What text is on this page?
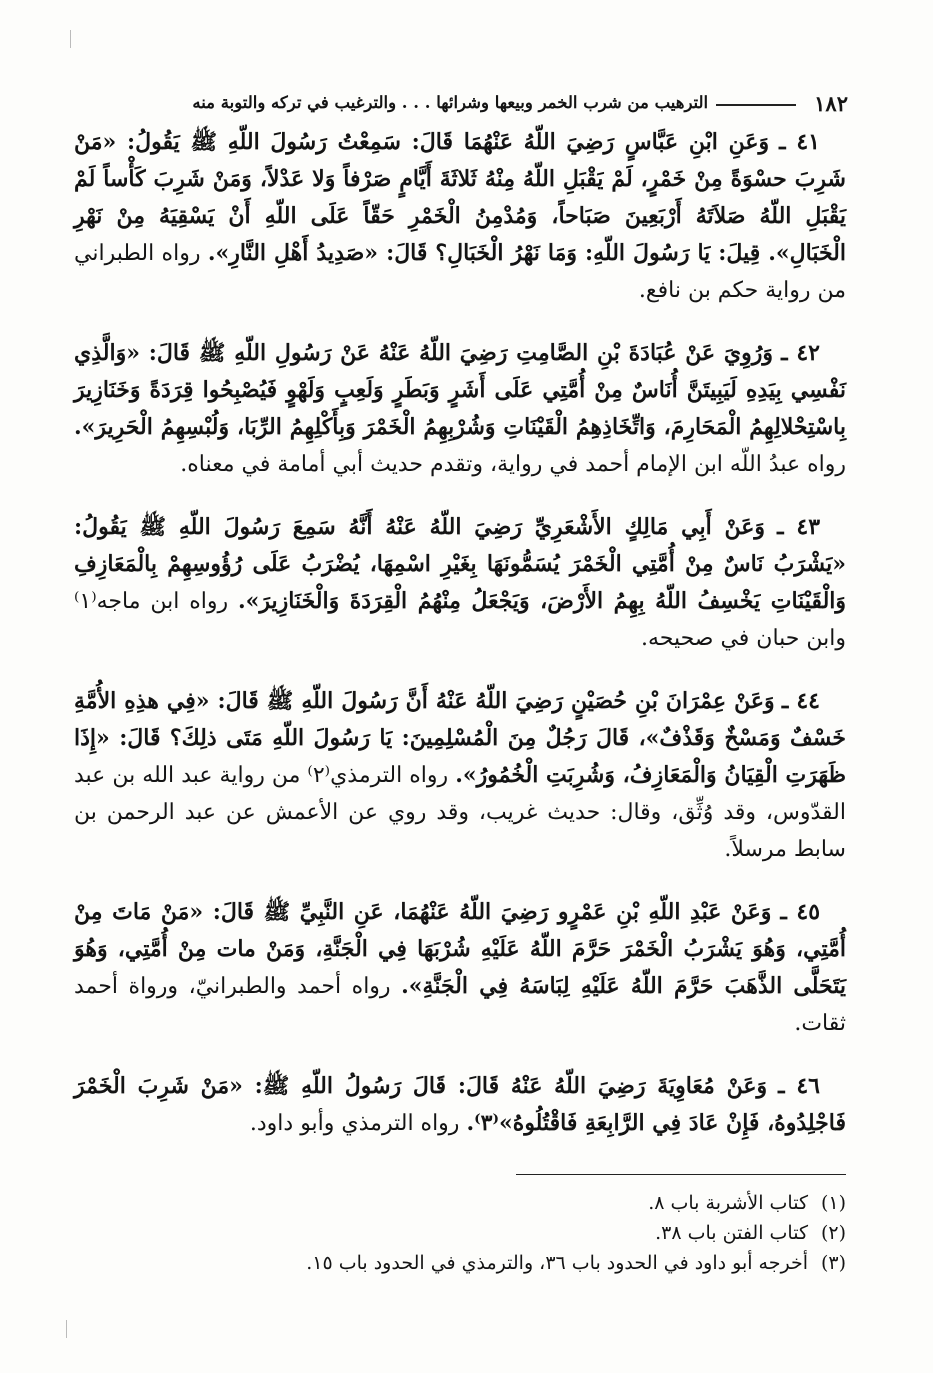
١٨٢
الترهيب من شرب الخمر وبيعها وشرائها . . . والترغيب في تركه والتوبة منه

٤١ ـ وَعَنِ ابْنِ عَبَّاسٍ رَضِيَ اللّهُ عَنْهُمَا قَالَ: سَمِعْتُ رَسُولَ اللّهِ ﷺ يَقُولُ: «مَنْ شَرِبَ حسْوَةً مِنْ خَمْرٍ، لَمْ يَقْبَلِ اللّهُ مِنْهُ ثَلاثَةَ أَيَّامٍ صَرْفاً وَلا عَدْلاً، وَمَنْ شَرِبَ كَأْساً لَمْ يَقْبَلِ اللّهُ صَلاَتَهُ أَرْبَعِينَ صَبَاحاً، وَمُدْمِنُ الْخَمْرِ حَقّاً عَلَى اللّهِ أَنْ يَسْقِيَهُ مِنْ نَهْرِ الْخَبَالِ». قِيلَ: يَا رَسُولَ اللّهِ: وَمَا نَهْرُ الْخَبَالِ؟ قَالَ: «صَدِيدُ أَهْلِ النَّارِ». رواه الطبراني من رواية حكم بن نافع.

٤٢ ـ وَرُوِيَ عَنْ عُبَادَةَ بْنِ الصَّامِتِ رَضِيَ اللّهُ عَنْهُ عَنْ رَسُولِ اللّهِ ﷺ قَالَ: «وَالَّذِي نَفْسِي بِيَدِهِ لَيَبِيتَنَّ أُنَاسٌ مِنْ أُمَّتِي عَلَى أَشَرٍ وَبَطَرٍ وَلَعِبٍ وَلَهْوٍ فَيُصْبِحُوا قِرَدَةً وَخَنَازِيرَ بِاسْتِحْلالِهِمُ الْمَحَارِمَ، وَاتِّخَاذِهِمُ الْقَيْنَاتِ وَشُرْبِهِمُ الْخَمْرَ وَبِأَكْلِهِمُ الرِّبَا، وَلُبْسِهِمُ الْحَرِيرَ». رواه عبدُ اللّه ابن الإمام أحمد في رواية، وتقدم حديث أبي أمامة في معناه.

٤٣ ـ وَعَنْ أَبِي مَالِكٍ الأَشْعَرِيِّ رَضِيَ اللّهُ عَنْهُ أَنَّهُ سَمِعَ رَسُولَ اللّهِ ﷺ يَقُولُ: «يَشْرَبُ نَاسٌ مِنْ أُمَّتِي الْخَمْرَ يُسَمُّونَهَا بِغَيْرِ اسْمِهَا، يُضْرَبُ عَلَى رُؤُوسِهِمْ بِالْمَعَازِفِ وَالْقَيْنَاتِ يَخْسِفُ اللّهُ بِهِمُ الأَرْضَ، وَيَجْعَلُ مِنْهُمُ الْقِرَدَةَ وَالْخَنَازِيرَ». رواه ابن ماجه⁽١⁾ وابن حبان في صحيحه.

٤٤ ـ وَعَنْ عِمْرَانَ بْنِ حُصَيْنٍ رَضِيَ اللّهُ عَنْهُ أَنَّ رَسُولَ اللّهِ ﷺ قَالَ: «فِي هذِهِ الأُمَّةِ خَسْفٌ وَمَسْخٌ وَقَذْفٌ»، قَالَ رَجُلٌ مِنَ الْمُسْلِمِينَ: يَا رَسُولَ اللّهِ مَتَى ذلِكَ؟ قَالَ: «إِذَا ظَهَرَتِ الْقِيَانُ وَالْمَعَازِفُ، وَشُرِبَتِ الْخُمُورُ». رواه الترمذي⁽٢⁾ من رواية عبد الله بن عبد القدّوس، وقد وُثِّق، وقال: حديث غريب، وقد روي عن الأعمش عن عبد الرحمن بن سابط مرسلاً.

٤٥ ـ وَعَنْ عَبْدِ اللّهِ بْنِ عَمْرٍو رَضِيَ اللّهُ عَنْهُمَا، عَنِ النَّبِيِّ ﷺ قَالَ: «مَنْ مَاتَ مِنْ أُمَّتِي، وَهُوَ يَشْرَبُ الْخَمْرَ حَرَّمَ اللّهُ عَلَيْهِ شُرْبَهَا فِي الْجَنَّةِ، وَمَنْ مات مِنْ أُمَّتِي، وَهُوَ يَتَحَلَّى الذَّهَبَ حَرَّمَ اللّهُ عَلَيْهِ لِبَاسَهُ فِي الْجَنَّةِ». رواه أحمد والطبرانيّ، ورواة أحمد ثقات.

٤٦ ـ وَعَنْ مُعَاوِيَةَ رَضِيَ اللّهُ عَنْهُ قَالَ: قَالَ رَسُولُ اللّهِ ﷺ: «مَنْ شَرِبَ الْخَمْرَ فَاجْلِدُوهُ، فَإِنْ عَادَ فِي الرَّابِعَةِ فَاقْتُلُوهُ»⁽٣⁾. رواه الترمذي وأبو داود.

(١)
كتاب الأشربة باب ٨.
(٢)
كتاب الفتن باب ٣٨.
(٣)
أخرجه أبو داود في الحدود باب ٣٦، والترمذي في الحدود باب ١٥.
